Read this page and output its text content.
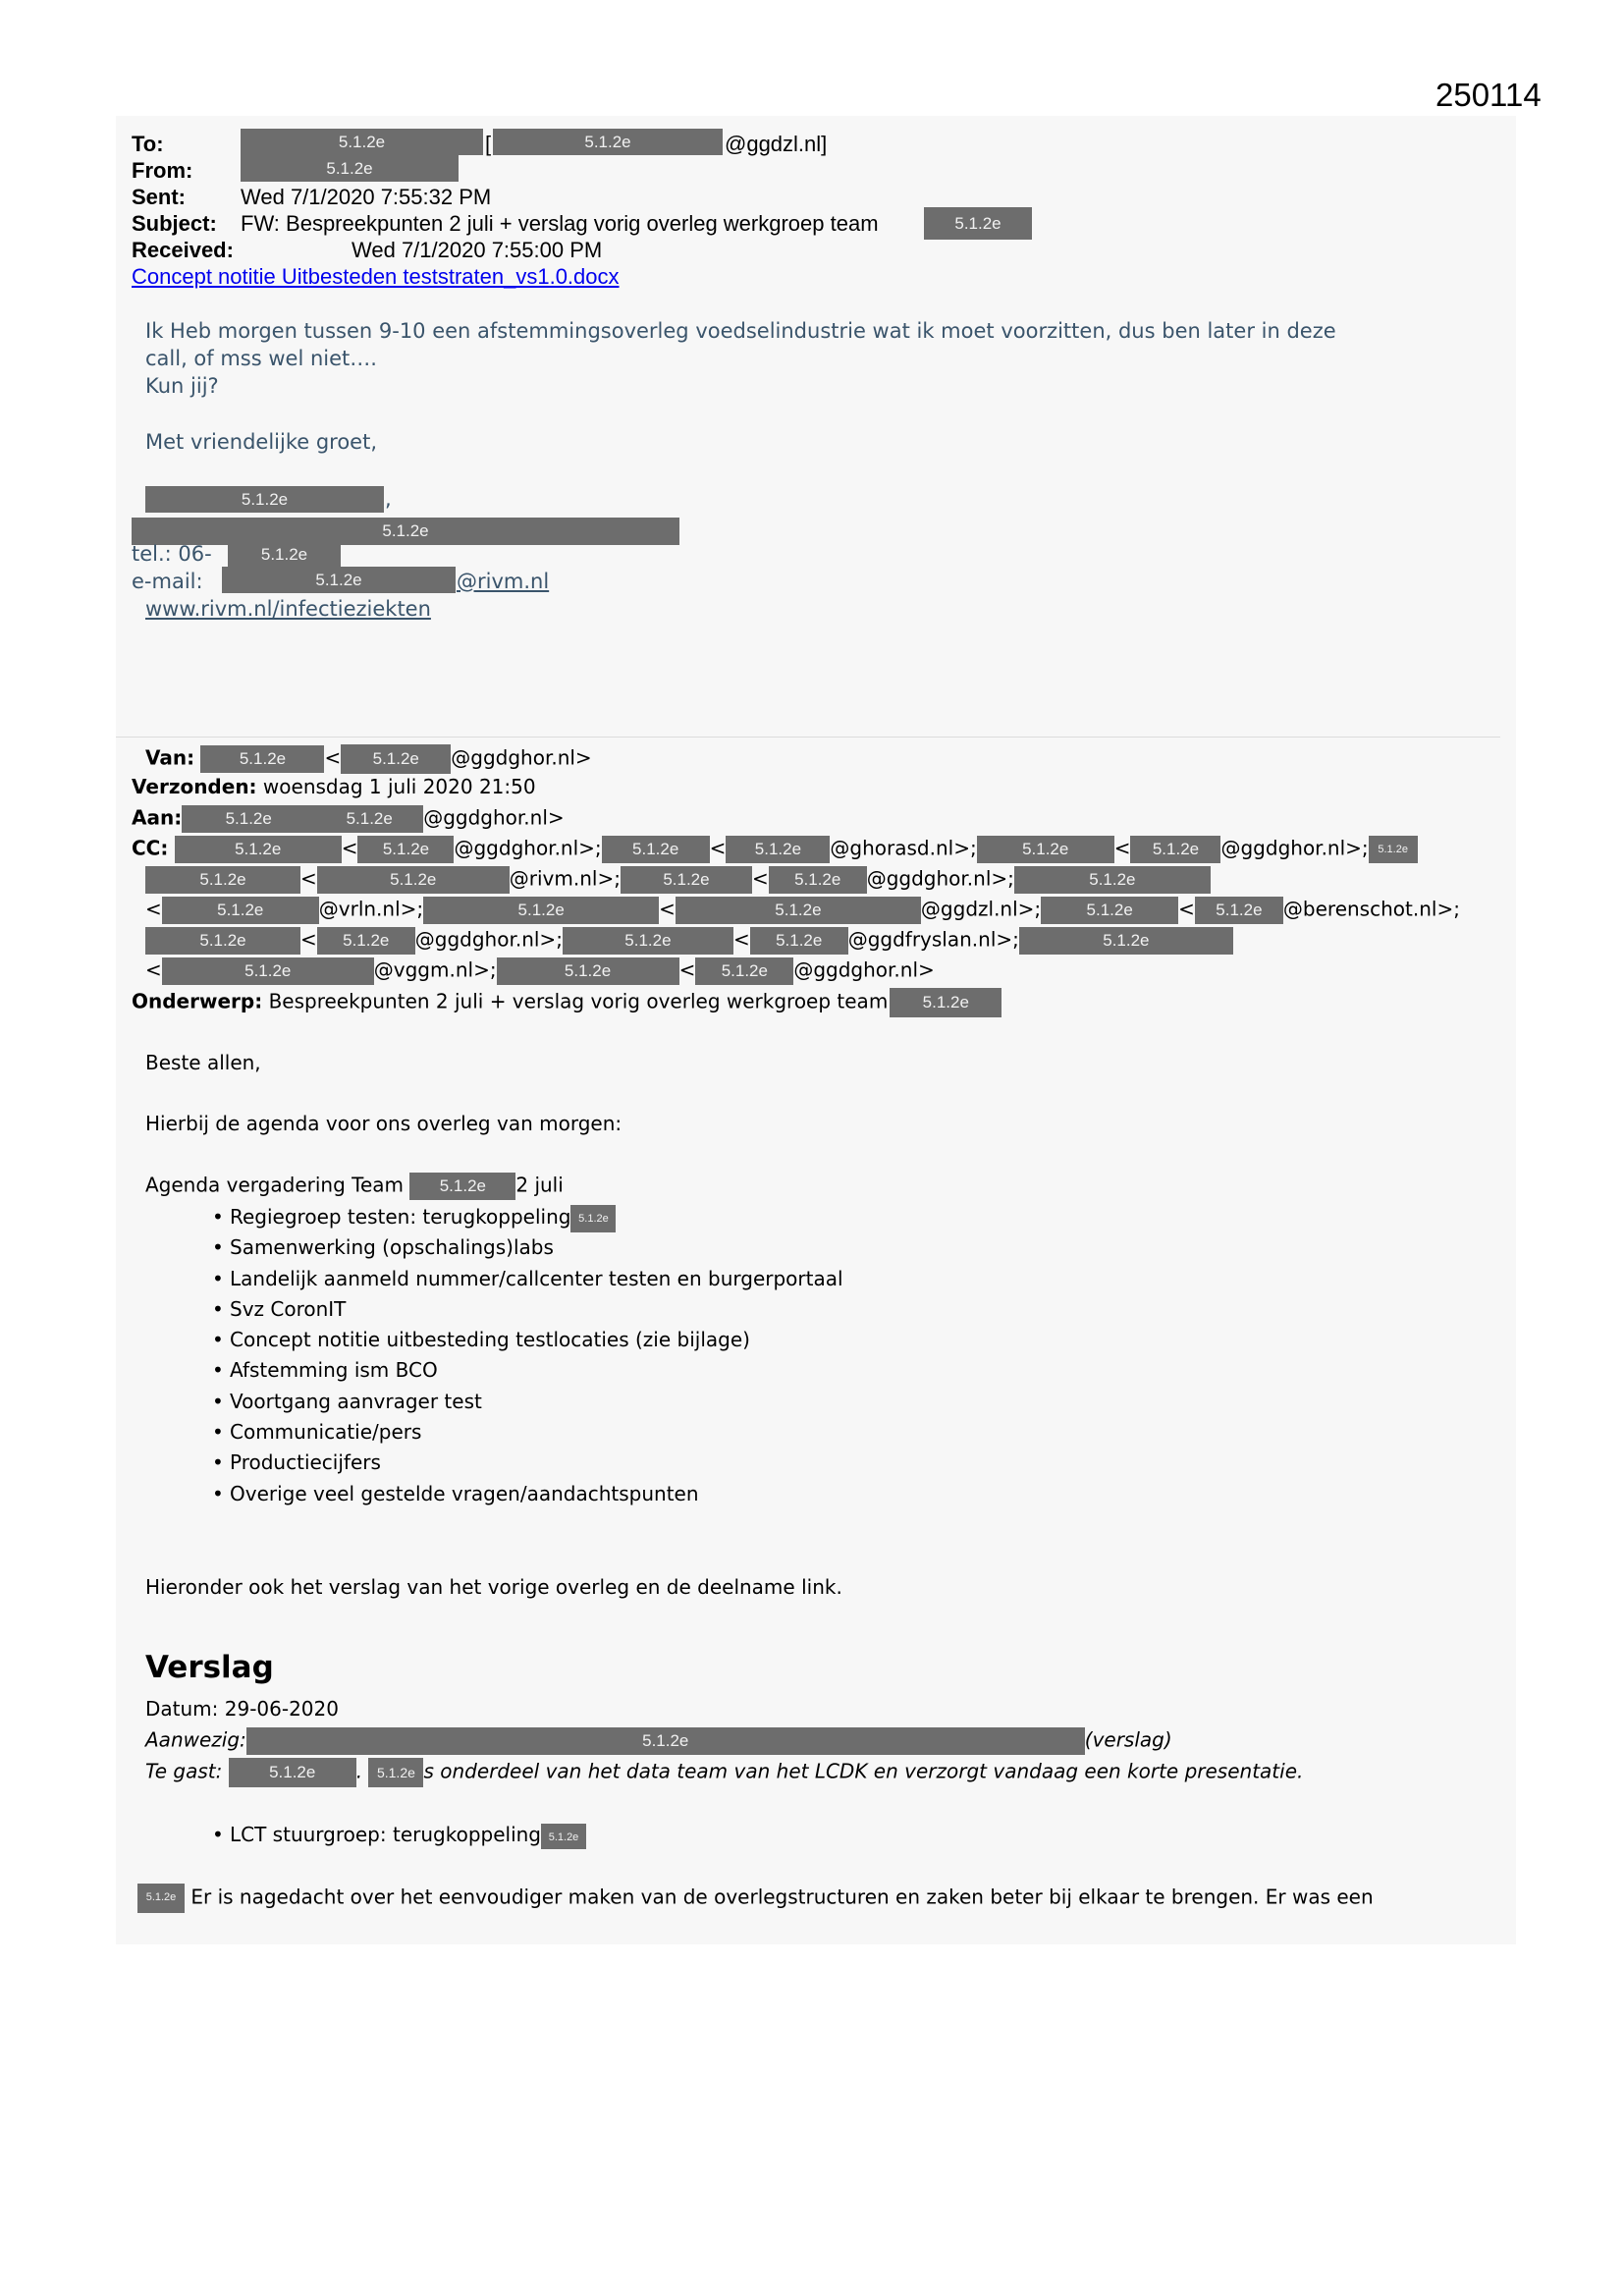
250114
To:	5.1.2e	[	5.1.2e	@ggdzl.nl]
From:	5.1.2e
Sent:	Wed 7/1/2020 7:55:32 PM
Subject: FW: Bespreekpunten 2 juli + verslag vorig overleg werkgroep team	5.1.2e
Received:	Wed 7/1/2020 7:55:00 PM
Concept notitie Uitbesteden teststraten_vs1.0.docx
Ik Heb morgen tussen 9-10 een afstemmingsoverleg voedselindustrie wat ik moet voorzitten, dus ben later in deze
call, of mss wel niet….
Kun jij?
Met vriendelijke groet,
5.1.2e	,
5.1.2e
tel.: 06-	5.1.2e
e-mail:	5.1.2e	@rivm.nl
www.rivm.nl/infectieziekten
Van:	5.1.2e < 5.1.2e @ggdghor.nl>
Verzonden: woensdag 1 juli 2020 21:50
Aan:	5.1.2e	5.1.2e @ggdghor.nl>
CC:	5.1.2e	< 5.1.2e @ggdghor.nl>; 5.1.2e < 5.1.2e @ghorasd.nl>;	5.1.2e < 5.1.2e @ggdghor.nl>; 5.1.2e
5.1.2e	<	5.1.2e	@rivm.nl>;	5.1.2e < 5.1.2e @ggdghor.nl>;	5.1.2e
<	5.1.2e	@vrln.nl>;	5.1.2e	<	5.1.2e	@ggdzl.nl>;	5.1.2e < 5.1.2e @berenschot.nl>;
5.1.2e	< 5.1.2e @ggdghor.nl>;	5.1.2e	< 5.1.2e @ggdfryslan.nl>;	5.1.2e
<	5.1.2e	@vggm.nl>;	5.1.2e	< 5.1.2e @ggdghor.nl>
Onderwerp: Bespreekpunten 2 juli + verslag vorig overleg werkgroep team 5.1.2e
Beste allen,
Hierbij de agenda voor ons overleg van morgen:
Agenda vergadering Team 5.1.2e 2 juli
• Regiegroep testen: terugkoppeling 5.1.2e
• Samenwerking (opschalings)labs
• Landelijk aanmeld nummer/callcenter testen en burgerportaal
• Svz CoronIT
• Concept notitie uitbesteding testlocaties (zie bijlage)
• Afstemming ism BCO
• Voortgang aanvrager test
• Communicatie/pers
• Productiecijfers
• Overige veel gestelde vragen/aandachtspunten
Hieronder ook het verslag van het vorige overleg en de deelname link.
Verslag
Datum: 29-06-2020
Aanwezig:	5.1.2e	(verslag)
Te gast:	5.1.2e . 5.1.2e s onderdeel van het data team van het LCDK en verzorgt vandaag een korte presentatie.
• LCT stuurgroep: terugkoppeling 5.1.2e
5.1.2e Er is nagedacht over het eenvoudiger maken van de overlegstructuren en zaken beter bij elkaar te brengen. Er was een
